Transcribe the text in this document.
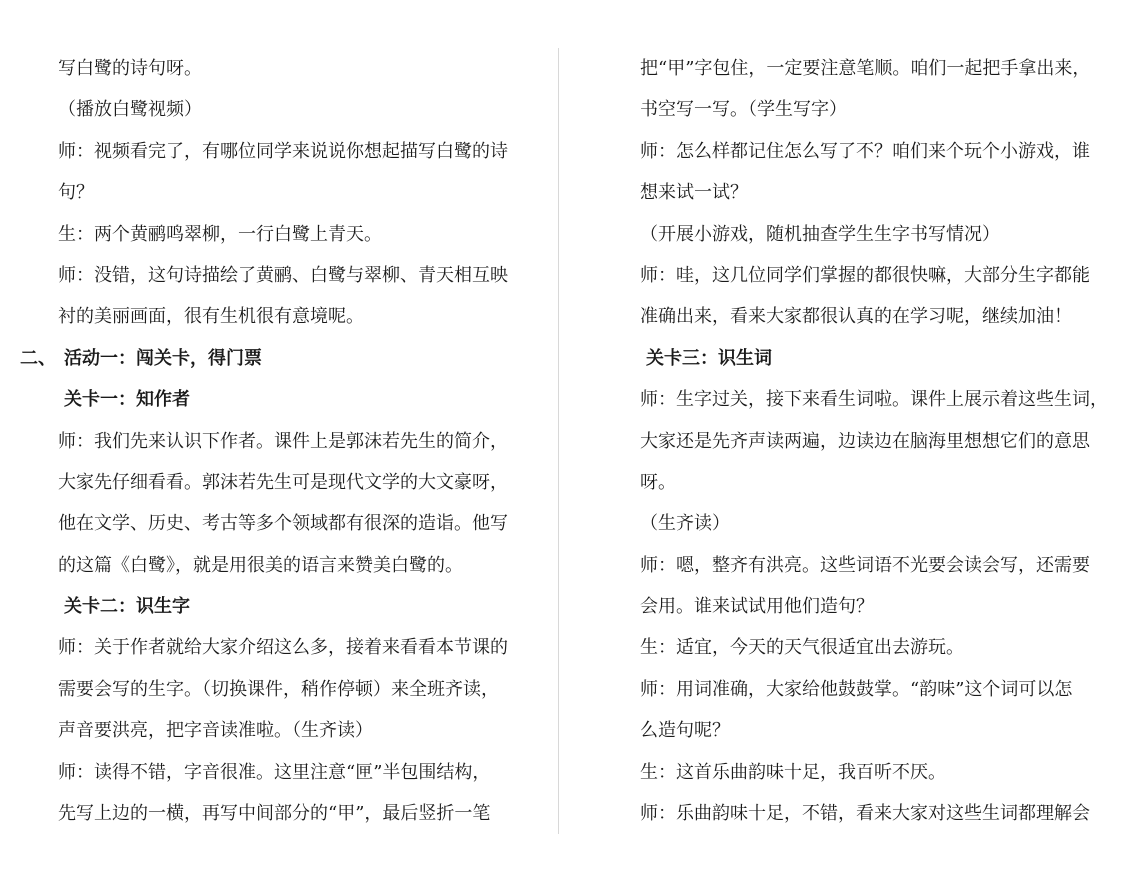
写白鹭的诗句呀。
（播放白鹭视频）
师：视频看完了，有哪位同学来说说你想起描写白鹭的诗
句？
生：两个黄鹂鸣翠柳，一行白鹭上青天。
师：没错，这句诗描绘了黄鹂、白鹭与翠柳、青天相互映
衬的美丽画面，很有生机很有意境呢。
二、 活动一：闯关卡，得门票
关卡一：知作者
师：我们先来认识下作者。课件上是郭沫若先生的简介，
大家先仔细看看。郭沫若先生可是现代文学的大文豪呀，
他在文学、历史、考古等多个领域都有很深的造诣。他写
的这篇《白鹭》，就是用很美的语言来赞美白鹭的。
关卡二：识生字
师：关于作者就给大家介绍这么多，接着来看看本节课的
需要会写的生字。（切换课件，稍作停顿）来全班齐读，
声音要洪亮，把字音读准啦。（生齐读）
师：读得不错，字音很准。这里注意“匣”半包围结构，
先写上边的一横，再写中间部分的“甲”，最后竖折一笔
把“甲”字包住，一定要注意笔顺。咱们一起把手拿出来，
书空写一写。（学生写字）
师：怎么样都记住怎么写了不？咱们来个玩个小游戏，谁
想来试一试？
（开展小游戏，随机抽查学生生字书写情况）
师：哇，这几位同学们掌握的都很快嘛，大部分生字都能
准确出来，看来大家都很认真的在学习呢，继续加油！
关卡三：识生词
师：生字过关，接下来看生词啦。课件上展示着这些生词，
大家还是先齐声读两遍，边读边在脑海里想想它们的意思
呀。
（生齐读）
师：嗯，整齐有洪亮。这些词语不光要会读会写，还需要
会用。谁来试试用他们造句？
生：适宜，今天的天气很适宜出去游玩。
师：用词准确，大家给他鼓鼓掌。“韵味”这个词可以怎
么造句呢？
生：这首乐曲韵味十足，我百听不厌。
师：乐曲韵味十足，不错，看来大家对这些生词都理解会
